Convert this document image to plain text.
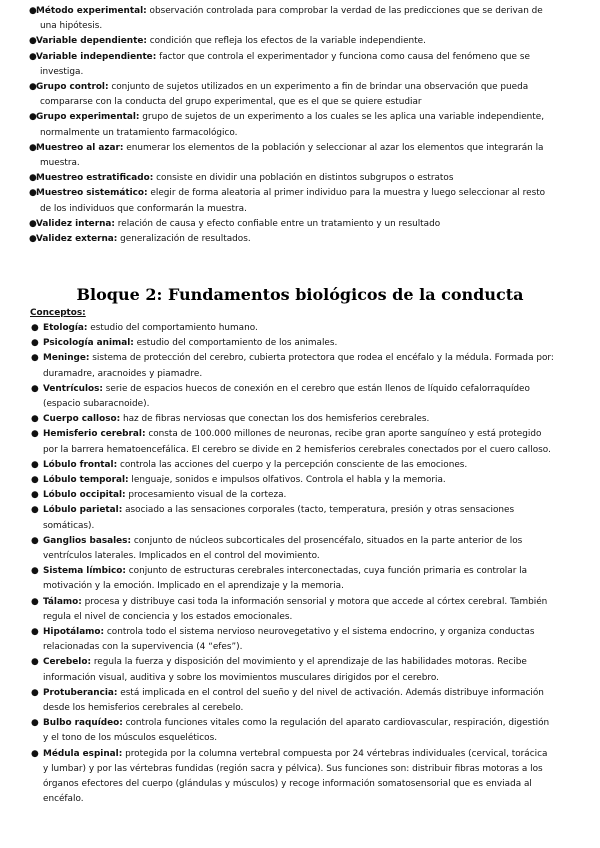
● Método experimental: observación controlada para comprobar la verdad de las predicciones que se derivan de
una hipótesis.
● Variable dependiente: condición que refleja los efectos de la variable independiente.
● Variable independiente: factor que controla el experimentador y funciona como causa del fenómeno que se
investiga.
● Grupo control: conjunto de sujetos utilizados en un experimento a fin de brindar una observación que pueda
compararse con la conducta del grupo experimental, que es el que se quiere estudiar
● Grupo experimental: grupo de sujetos de un experimento a los cuales se les aplica una variable independiente,
normalmente un tratamiento farmacológico.
● Muestreo al azar: enumerar los elementos de la población y seleccionar al azar los elementos que integrarán la
muestra.
● Muestreo estratificado: consiste en dividir una población en distintos subgrupos o estratos
● Muestreo sistemático: elegir de forma aleatoria al primer individuo para la muestra y luego seleccionar al resto
de los individuos que conformarán la muestra.
● Validez interna: relación de causa y efecto confiable entre un tratamiento y un resultado
● Validez externa: generalización de resultados.
Bloque 2: Fundamentos biológicos de la conducta
Conceptos:
● Etología: estudio del comportamiento humano.
● Psicología animal: estudio del comportamiento de los animales.
● Meninge: sistema de protección del cerebro, cubierta protectora que rodea el encéfalo y la médula. Formada por:
duramadre, aracnoides y piamadre.
● Ventrículos: serie de espacios huecos de conexión en el cerebro que están llenos de líquido cefalorraquídeo
(espacio subaracnoide).
● Cuerpo calloso: haz de fibras nerviosas que conectan los dos hemisferios cerebrales.
● Hemisferio cerebral: consta de 100.000 millones de neuronas, recibe gran aporte sanguíneo y está protegido
por la barrera hematoencefálica. El cerebro se divide en 2 hemisferios cerebrales conectados por el cuero calloso.
● Lóbulo frontal: controla las acciones del cuerpo y la percepción consciente de las emociones.
● Lóbulo temporal: lenguaje, sonidos e impulsos olfativos. Controla el habla y la memoria.
● Lóbulo occipital: procesamiento visual de la corteza.
● Lóbulo parietal: asociado a las sensaciones corporales (tacto, temperatura, presión y otras sensaciones
somáticas).
● Ganglios basales: conjunto de núcleos subcorticales del prosencéfalo, situados en la parte anterior de los
ventrículos laterales. Implicados en el control del movimiento.
● Sistema límbico: conjunto de estructuras cerebrales interconectadas, cuya función primaria es controlar la
motivación y la emoción. Implicado en el aprendizaje y la memoria.
● Tálamo: procesa y distribuye casi toda la información sensorial y motora que accede al córtex cerebral. También
regula el nivel de conciencia y los estados emocionales.
● Hipotálamo: controla todo el sistema nervioso neurovegetativo y el sistema endocrino, y organiza conductas
relacionadas con la supervivencia (4 “efes”).
● Cerebelo: regula la fuerza y disposición del movimiento y el aprendizaje de las habilidades motoras. Recibe
información visual, auditiva y sobre los movimientos musculares dirigidos por el cerebro.
● Protuberancia: está implicada en el control del sueño y del nivel de activación. Además distribuye información
desde los hemisferios cerebrales al cerebelo.
● Bulbo raquídeo: controla funciones vitales como la regulación del aparato cardiovascular, respiración, digestión
y el tono de los músculos esqueléticos.
● Médula espinal: protegida por la columna vertebral compuesta por 24 vértebras individuales (cervical, torácica
y lumbar) y por las vértebras fundidas (región sacra y pélvica). Sus funciones son: distribuir fibras motoras a los
órganos efectores del cuerpo (glándulas y músculos) y recoge información somatosensorial que es enviada al
encéfalo.
